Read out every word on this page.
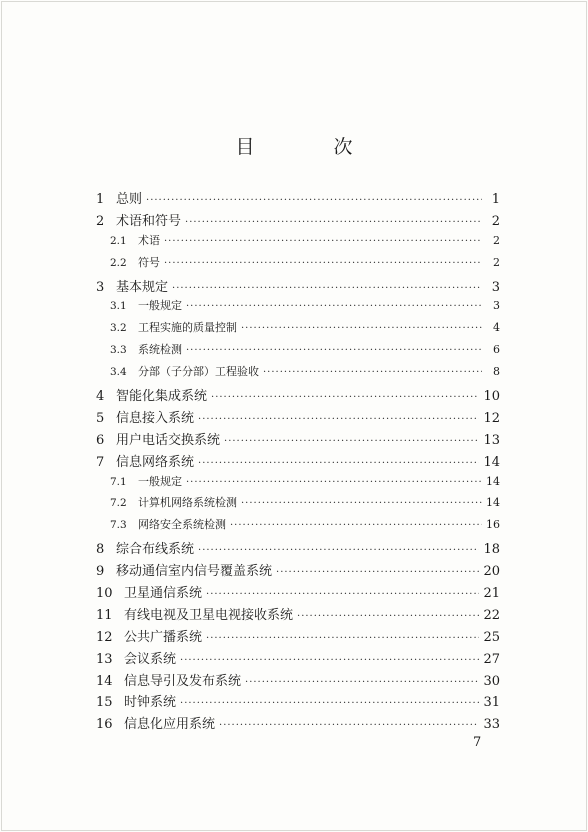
目　次
1 总则 ·····	1
2 术语和符号 ·····	2
2.1	术语 ·····	2
2.2	符号 ·····	2
3 基本规定 ·····	3
3.1	一般规定 ·····	3
3.2	工程实施的质量控制 ·····	4
3.3	系统检测 ·····	6
3.4	分部（子分部）工程验收 ·····	8
4 智能化集成系统 ·····	10
5 信息接入系统 ·····	12
6 用户电话交换系统 ·····	13
7 信息网络系统 ·····	14
7.1	一般规定 ·····	14
7.2	计算机网络系统检测 ·····	14
7.3	网络安全系统检测 ·····	16
8 综合布线系统 ·····	18
9 移动通信室内信号覆盖系统 ·····	20
10 卫星通信系统 ·····	21
11 有线电视及卫星电视接收系统 ·····	22
12 公共广播系统 ·····	25
13 会议系统 ·····	27
14 信息导引及发布系统 ·····	30
15 时钟系统 ·····	31
16 信息化应用系统 ·····	33
7
